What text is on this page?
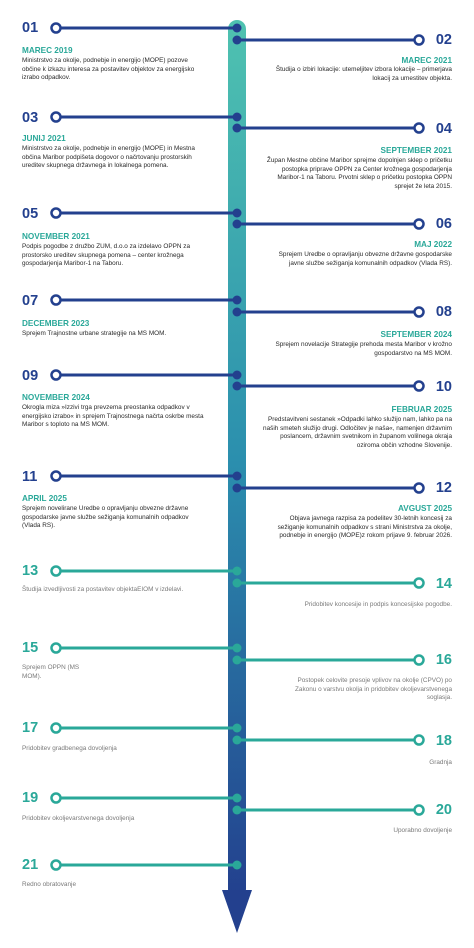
01
MAREC 2019
Ministrstvo za okolje, podnebje in energijo (MOPE) pozove občine k izkazu interesa za postavitev objektov za energijsko izrabo odpadkov.
02
MAREC 2021
Študija o izbiri lokacije: utemeljitev izbora lokacije – primerjava lokacij za umestitev objekta.
03
JUNIJ 2021
Ministrstvo za okolje, podnebje in energijo (MOPE) in Mestna občina Maribor podpišeta dogovor o načrtovanju prostorskih ureditev skupnega državnega in lokalnega pomena.
04
SEPTEMBER 2021
Župan Mestne občine Maribor sprejme dopolnjen sklep o pričetku postopka priprave OPPN za Center krožnega gospodarjenja Maribor-1 na Taboru. Prvotni sklep o pričetku postopka OPPN sprejet že leta 2015.
05
NOVEMBER 2021
Podpis pogodbe z družbo ZUM, d.o.o za izdelavo OPPN za prostorsko ureditev skupnega pomena – center krožnega gospodarjenja Maribor-1 na Taboru.
06
MAJ 2022
Sprejem Uredbe o opravljanju obvezne državne gospodarske javne službe sežiganja komunalnih odpadkov (Vlada RS).
07
DECEMBER 2023
Sprejem Trajnostne urbane strategije na MS MOM.
08
SEPTEMBER 2024
Sprejem novelacije Strategije prehoda mesta Maribor v krožno gospodarstvo na MS MOM.
09
NOVEMBER 2024
Okrogla miza »Izzivi trga prevzema preostanka odpadkov v energijsko izrabo« in sprejem Trajnostnega načrta oskrbe mesta Maribor s toploto na MS MOM.
10
FEBRUAR 2025
Predstavitveni sestanek »Odpadki lahko služijo nam, lahko pa na naših smeteh služijo drugi. Odločitev je naša«, namenjen državnim poslancem, državnim svetnikom in županom volilnega okraja oziroma občin vzhodne Slovenije.
11
APRIL 2025
Sprejem novelirane Uredbe o opravljanju obvezne državne gospodarske javne službe sežiganja komunalnih odpadkov (Vlada RS).
12
AVGUST 2025
Objava javnega razpisa za podelitev 30-letnih koncesij za sežiganje komunalnih odpadkov s strani Ministrstva za okolje, podnebje in energijo (MOPE)z rokom prijave 9. februar 2026.
13
Študija izvedljivosti za postavitev objektaEIOM v izdelavi.	14
Pridobitev koncesije in podpis koncesijske pogodbe.
15
Sprejem OPPN (MS MOM).
16
Postopek celovite presoje vplivov na okolje (CPVO) po Zakonu o varstvu okolja in pridobitev okoljevarstvenega soglasja.
17
Pridobitev gradbenega dovoljenja	18
Gradnja
19
Pridobitev okoljevarstvenega dovoljenja
20
Uporabno dovoljenje
21
Redno obratovanje
